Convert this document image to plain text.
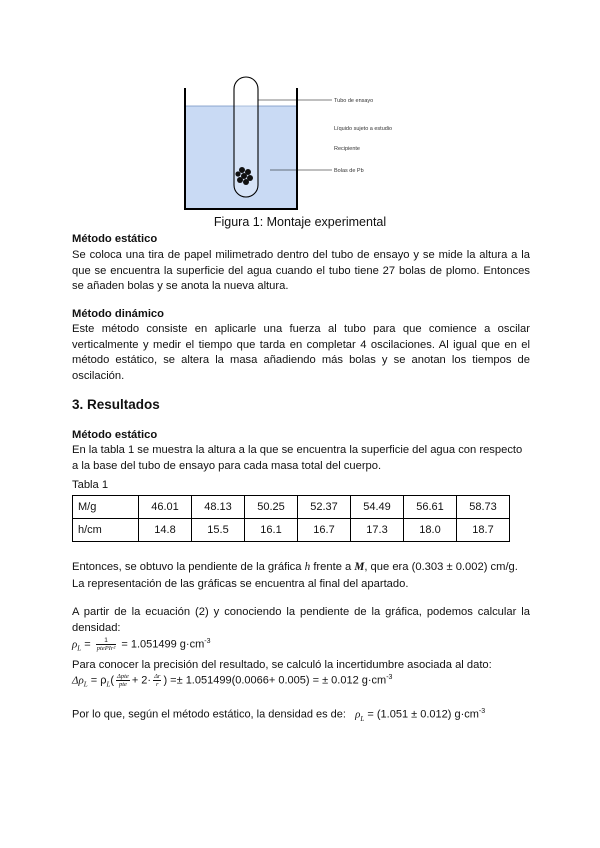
Tubo de ensayo
Líquido sujeto a estudio
Recipiente
Bolas de Pb
Figura 1: Montaje experimental
Método estático
Se coloca una tira de papel milimetrado dentro del tubo de ensayo y se mide la altura a la que se encuentra la superficie del agua cuando el tubo tiene 27 bolas de plomo. Entonces se añaden bolas y se anota la nueva altura.
Método dinámico
Este método consiste en aplicarle una fuerza al tubo para que comience a oscilar verticalmente y medir el tiempo que tarda en completar 4 oscilaciones. Al igual que en el método estático, se altera la masa añadiendo más bolas y se anotan los tiempos de oscilación.
3. Resultados
Método estático
En la tabla 1 se muestra la altura a la que se encuentra la superficie del agua con respecto a la base del tubo de ensayo para cada masa total del cuerpo.
Tabla 1
M/g	46.01	48.13	50.25	52.37	54.49	56.61	58.73
h/cm	14.8	15.5	16.1	16.7	17.3	18.0	18.7
Entonces, se obtuvo la pendiente de la gráfica h frente a M, que era (0.303 ± 0.002) cm/g.
La representación de las gráficas se encuentra al final del apartado.
A partir de la ecuación (2) y conociendo la pendiente de la gráfica, podemos calcular la densidad:
$\rho_L = \frac{1}{\text{ptePIr²}} = 1.051499$ $g\cdot cm^{-3}$
Para conocer la precisión del resultado, se calculó la incertidumbre asociada al dato:
$\Delta\rho_L = \rho_L( \frac{\text{Δpte}}{\text{pte}} + 2\cdot \frac{\Delta r}{r}$ ) =± 1.051499(0.0066+ 0.005) = ± 0.012 $g\cdot cm^{-3}$
Por lo que, según el método estático, la densidad es de: $\rho_L = (1.051 \pm 0.012)$ $g\cdot cm^{-3}$
